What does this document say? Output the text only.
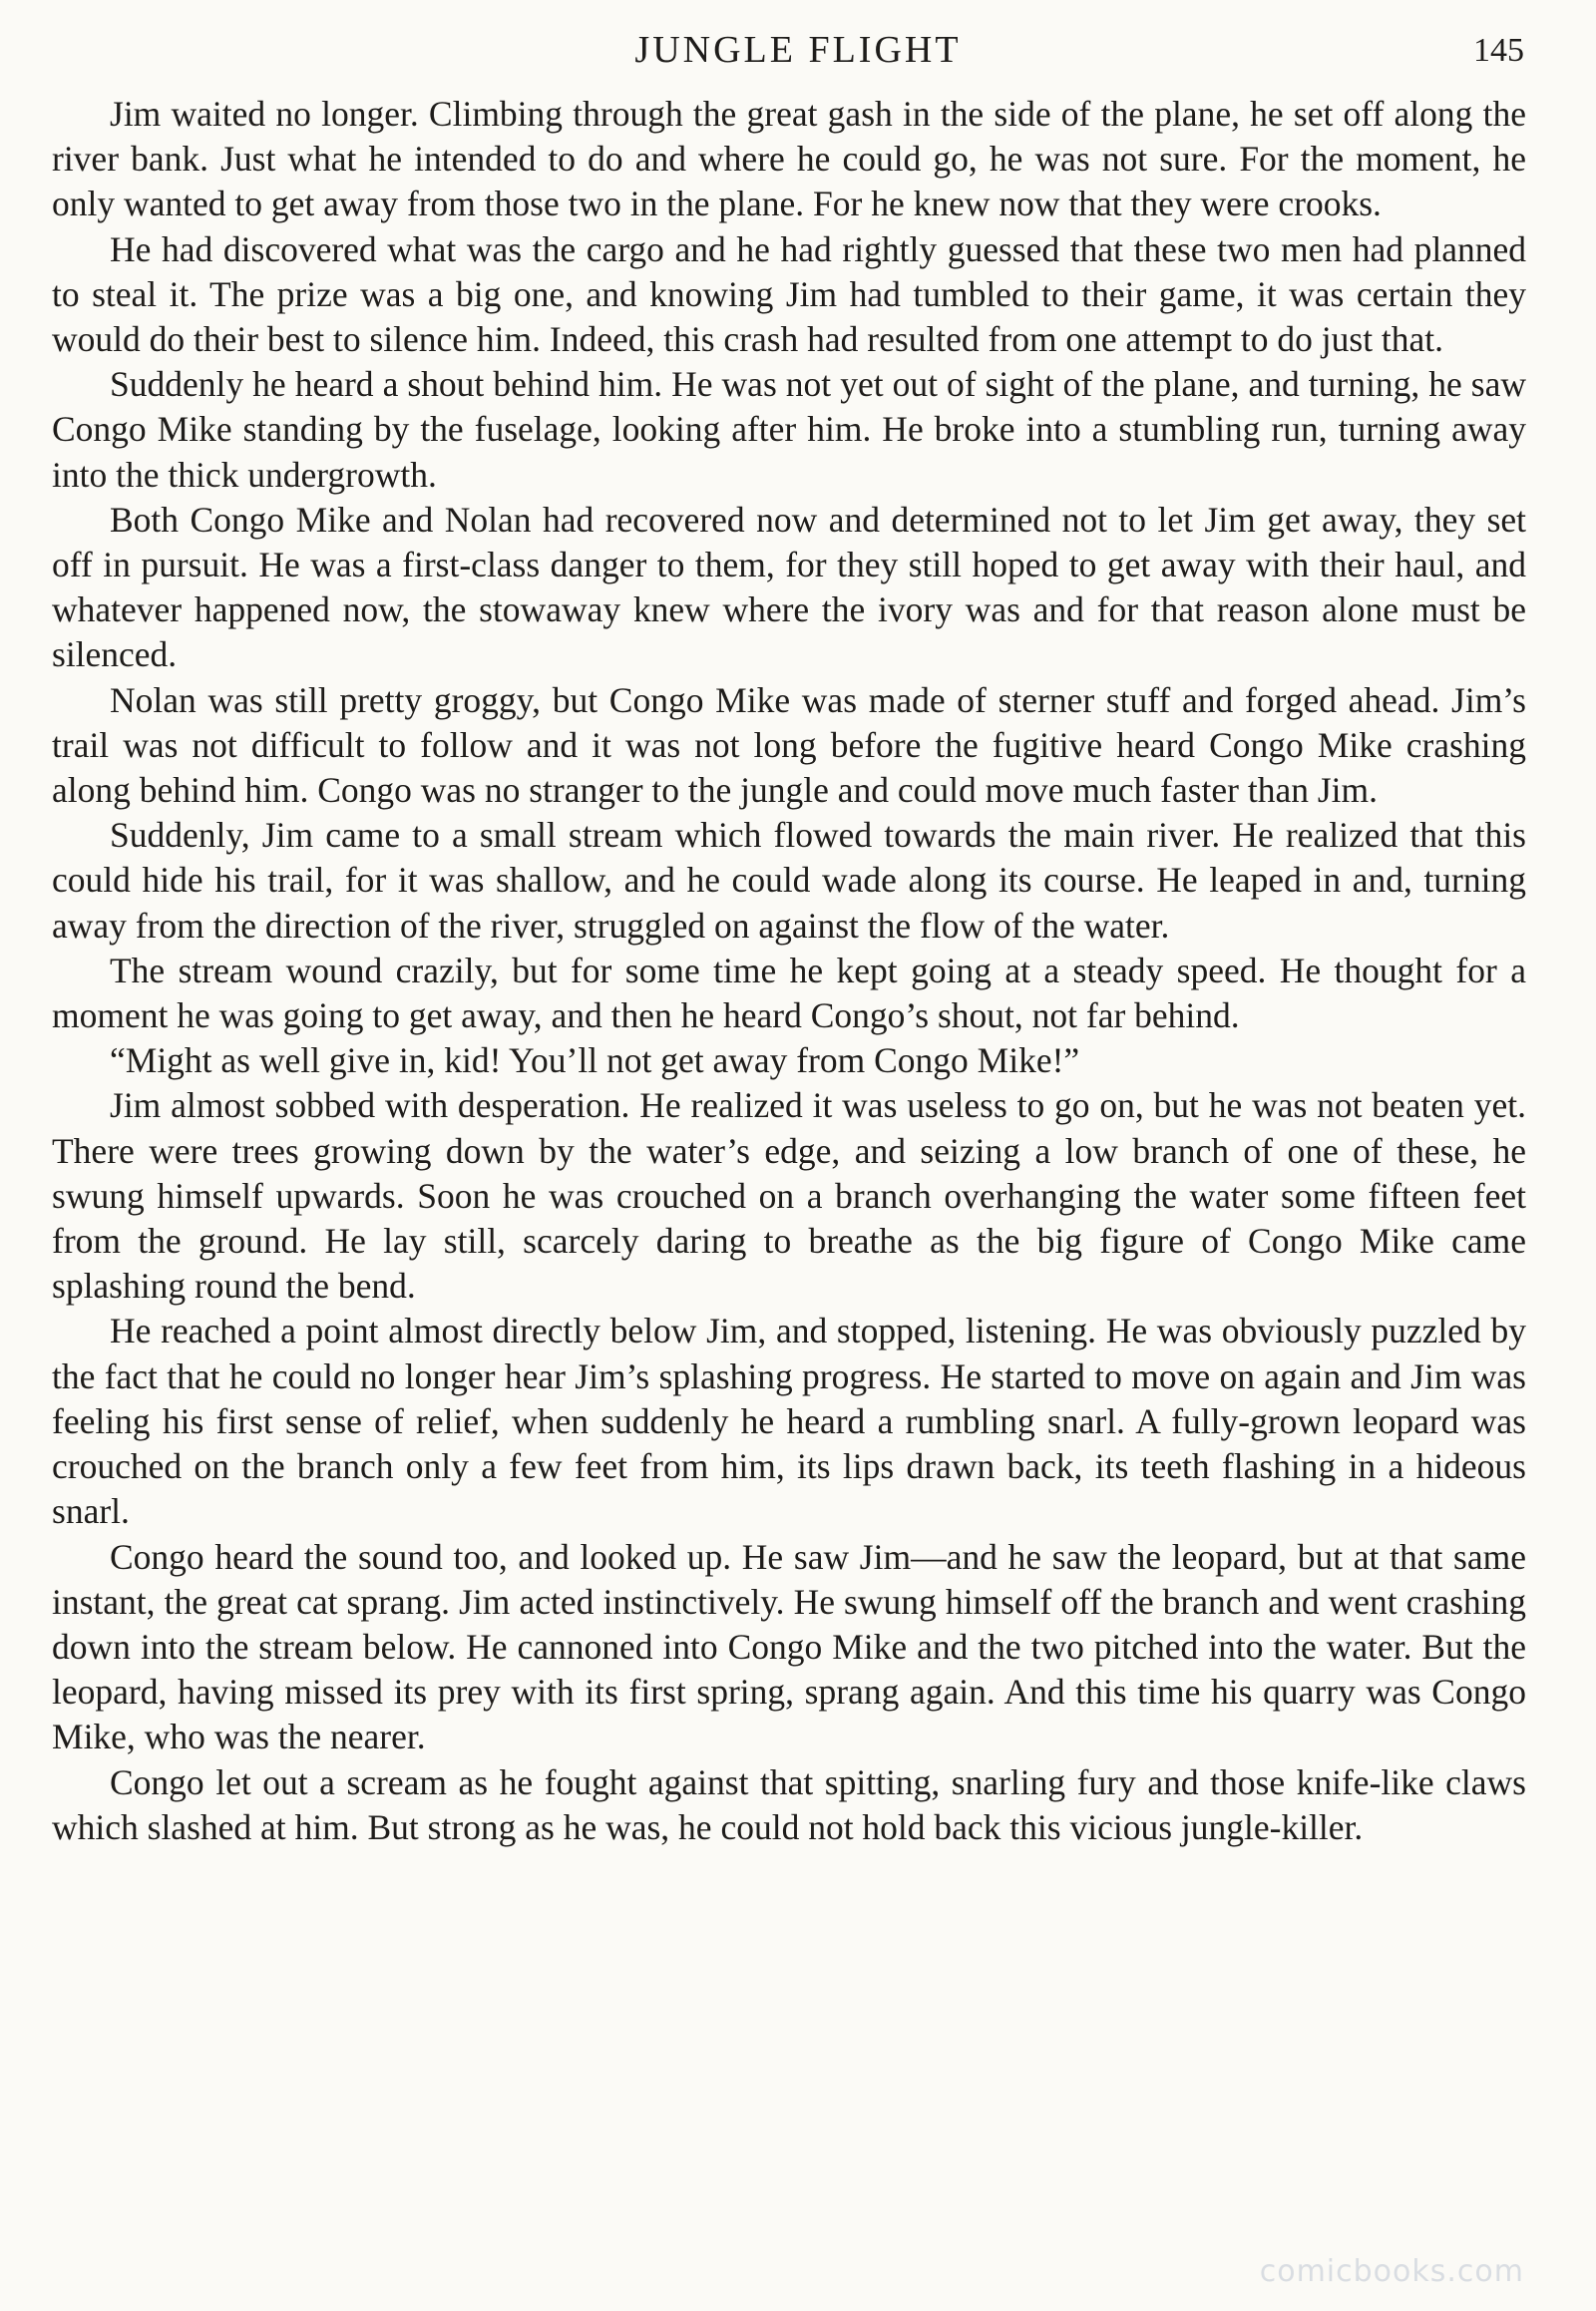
JUNGLE FLIGHT	145

Jim waited no longer. Climbing through the great gash in the side of the plane, he set off along the river bank. Just what he intended to do and where he could go, he was not sure. For the moment, he only wanted to get away from those two in the plane. For he knew now that they were crooks.

He had discovered what was the cargo and he had rightly guessed that these two men had planned to steal it. The prize was a big one, and knowing Jim had tumbled to their game, it was certain they would do their best to silence him. Indeed, this crash had resulted from one attempt to do just that.

Suddenly he heard a shout behind him. He was not yet out of sight of the plane, and turning, he saw Congo Mike standing by the fuselage, looking after him. He broke into a stumbling run, turning away into the thick undergrowth.

Both Congo Mike and Nolan had recovered now and determined not to let Jim get away, they set off in pursuit. He was a first-class danger to them, for they still hoped to get away with their haul, and whatever happened now, the stowaway knew where the ivory was and for that reason alone must be silenced.

Nolan was still pretty groggy, but Congo Mike was made of sterner stuff and forged ahead. Jim’s trail was not difficult to follow and it was not long before the fugitive heard Congo Mike crashing along behind him. Congo was no stranger to the jungle and could move much faster than Jim.

Suddenly, Jim came to a small stream which flowed towards the main river. He realized that this could hide his trail, for it was shallow, and he could wade along its course. He leaped in and, turning away from the direction of the river, struggled on against the flow of the water.

The stream wound crazily, but for some time he kept going at a steady speed. He thought for a moment he was going to get away, and then he heard Congo’s shout, not far behind.

“Might as well give in, kid! You’ll not get away from Congo Mike!”

Jim almost sobbed with desperation. He realized it was useless to go on, but he was not beaten yet. There were trees growing down by the water’s edge, and seizing a low branch of one of these, he swung himself upwards. Soon he was crouched on a branch overhanging the water some fifteen feet from the ground. He lay still, scarcely daring to breathe as the big figure of Congo Mike came splashing round the bend.

He reached a point almost directly below Jim, and stopped, listening. He was obviously puzzled by the fact that he could no longer hear Jim’s splashing progress. He started to move on again and Jim was feeling his first sense of relief, when suddenly he heard a rumbling snarl. A fully-grown leopard was crouched on the branch only a few feet from him, its lips drawn back, its teeth flashing in a hideous snarl.

Congo heard the sound too, and looked up. He saw Jim—and he saw the leopard, but at that same instant, the great cat sprang. Jim acted instinctively. He swung himself off the branch and went crashing down into the stream below. He cannoned into Congo Mike and the two pitched into the water. But the leopard, having missed its prey with its first spring, sprang again. And this time his quarry was Congo Mike, who was the nearer.

Congo let out a scream as he fought against that spitting, snarling fury and those knife-like claws which slashed at him. But strong as he was, he could not hold back this vicious jungle-killer.

comicbooks.com
